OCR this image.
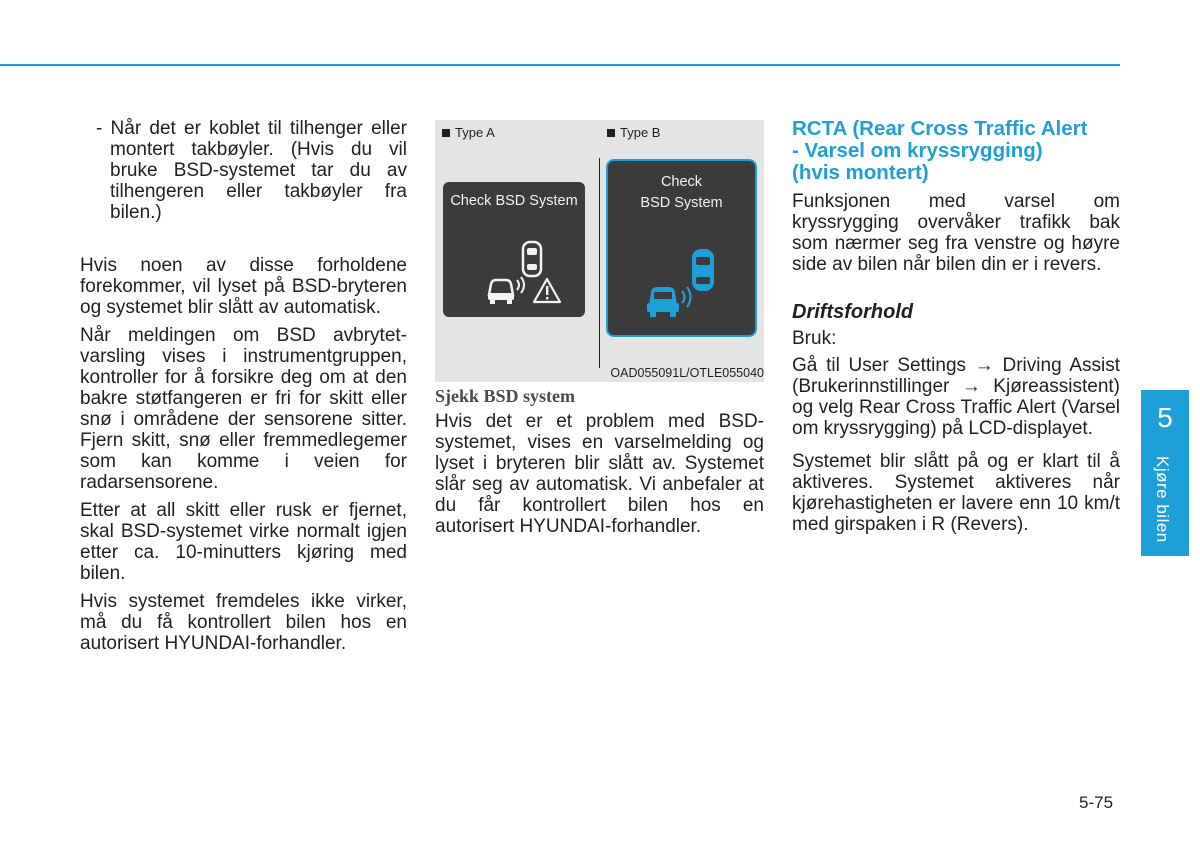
- Når det er koblet til tilhenger eller montert takbøyler. (Hvis du vil bruke BSD-systemet tar du av tilhengeren eller takbøyler fra bilen.)

Hvis noen av disse forholdene forekommer, vil lyset på BSD-bryteren og systemet blir slått av automatisk.

Når meldingen om BSD avbrytet-varsling vises i instrumentgruppen, kontroller for å forsikre deg om at den bakre støtfangeren er fri for skitt eller snø i områdene der sensorene sitter. Fjern skitt, snø eller fremmedlegemer som kan komme i veien for radarsensorene.

Etter at all skitt eller rusk er fjernet, skal BSD-systemet virke normalt igjen etter ca. 10-minutters kjøring med bilen.

Hvis systemet fremdeles ikke virker, må du få kontrollert bilen hos en autorisert HYUNDAI-forhandler.

Type A	Type B
Check BSD System
Check
BSD System
OAD055091L/OTLE055040

Sjekk BSD system

Hvis det er et problem med BSD-systemet, vises en varselmelding og lyset i bryteren blir slått av. Systemet slår seg av automatisk. Vi anbefaler at du får kontrollert bilen hos en autorisert HYUNDAI-forhandler.

RCTA (Rear Cross Traffic Alert

- Varsel om kryssrygging)

(hvis montert)

Funksjonen med varsel om kryssrygging overvåker trafikk bak som nærmer seg fra venstre og høyre side av bilen når bilen din er i revers.

Driftsforhold

Bruk:

Gå til User Settings → Driving Assist (Brukerinnstillinger → Kjøreassistent) og velg Rear Cross Traffic Alert (Varsel om kryssrygging) på LCD-displayet.

Systemet blir slått på og er klart til å aktiveres. Systemet aktiveres når kjørehastigheten er lavere enn 10 km/t med girspaken i R (Revers).

5
Kjøre bilen
5-75
